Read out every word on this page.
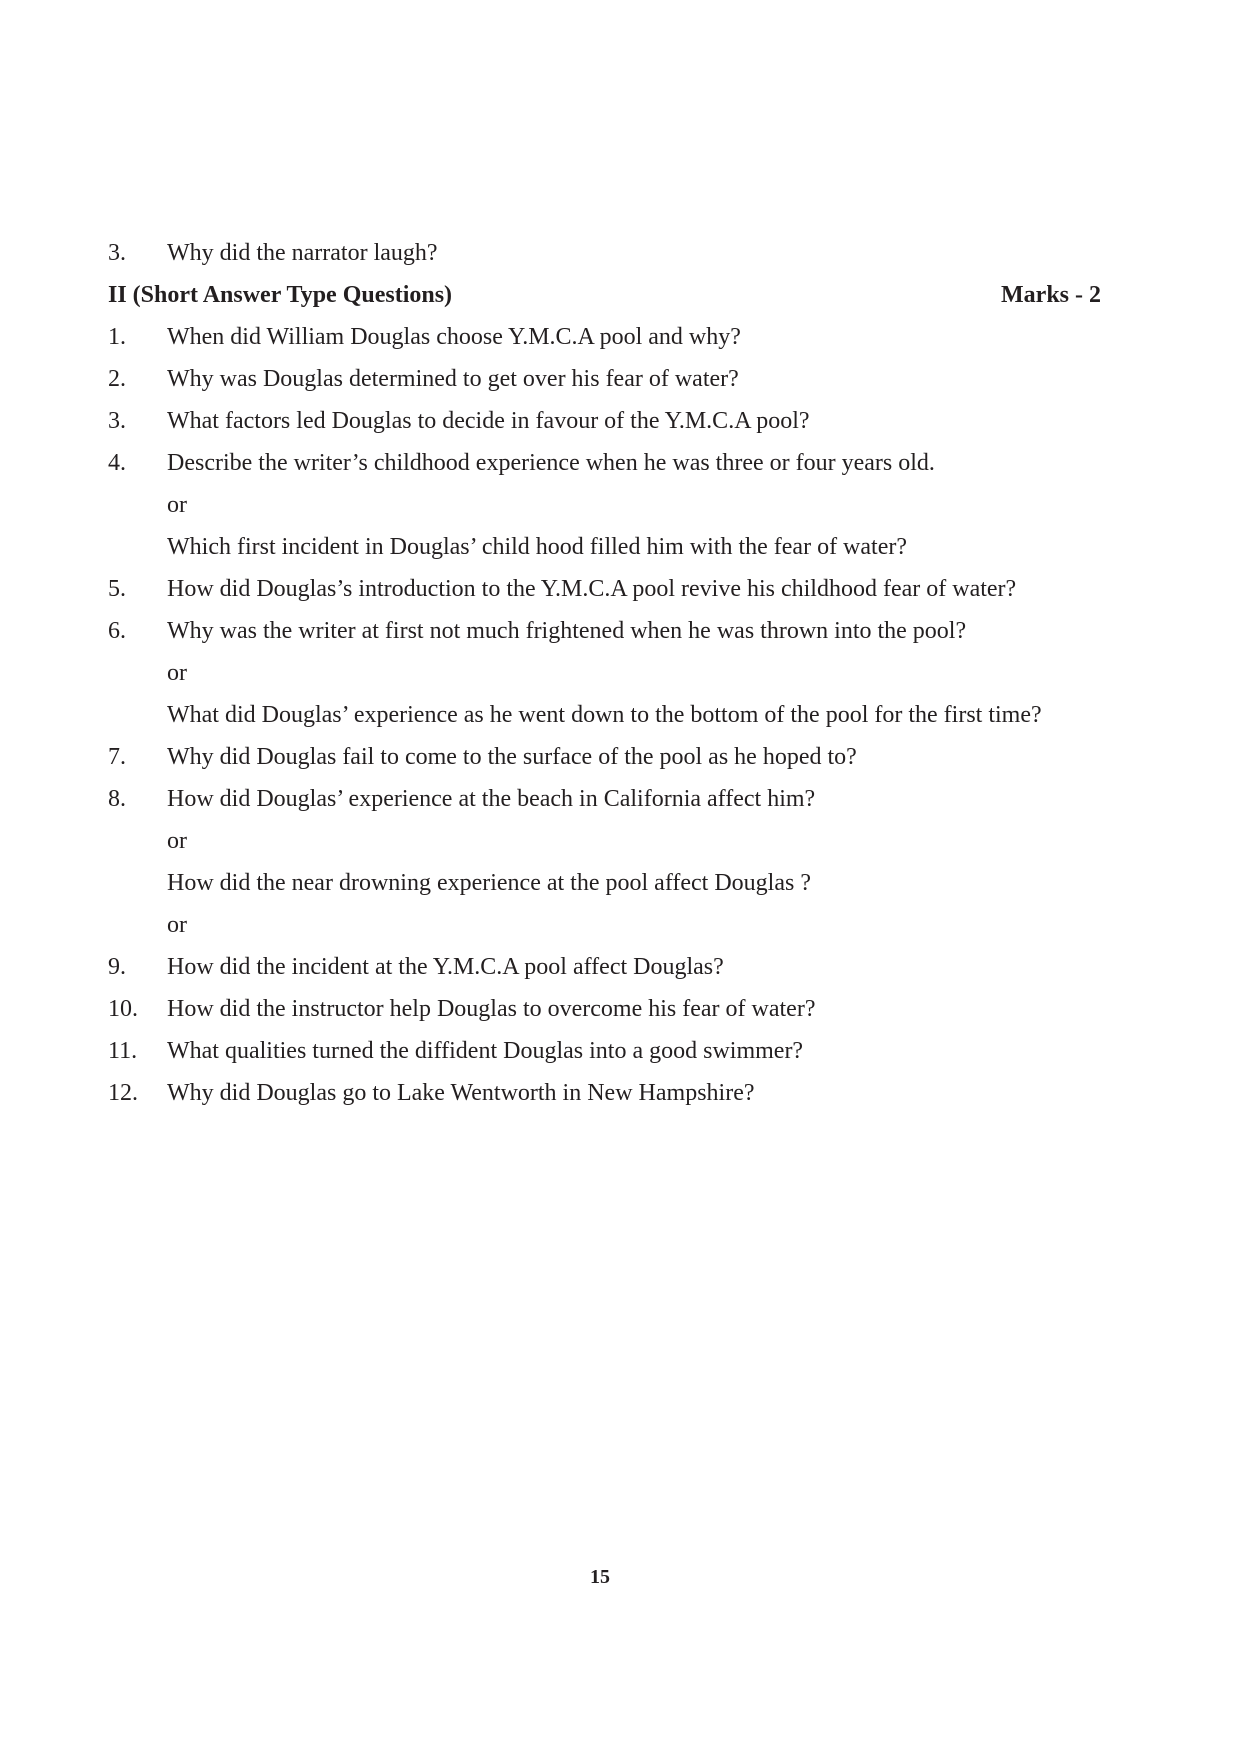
3. Why did the narrator laugh?
II (Short Answer Type Questions)	Marks - 2
1. When did William Douglas choose Y.M.C.A pool and why?
2. Why was Douglas determined to get over his fear of water?
3. What factors led Douglas to decide in favour of the Y.M.C.A pool?
4. Describe the writer’s childhood experience when he was three or four years old.
or
Which first incident in Douglas’ child hood filled him with the fear of water?
5. How did Douglas’s introduction to the Y.M.C.A pool revive his childhood fear of water?
6. Why was the writer at first not much frightened when he was thrown into the pool?
or
What did Douglas’ experience as he went down to the bottom of the pool for the first time?
7. Why did Douglas fail to come to the surface of the pool as he hoped to?
8. How did Douglas’ experience at the beach in California affect him?
or
How did the near drowning experience at the pool affect Douglas ?
or
9. How did the incident at the Y.M.C.A pool affect Douglas?
10. How did the instructor help Douglas to overcome his fear of water?
11. What qualities turned the diffident Douglas into a good swimmer?
12. Why did Douglas go to Lake Wentworth in New Hampshire?
15
